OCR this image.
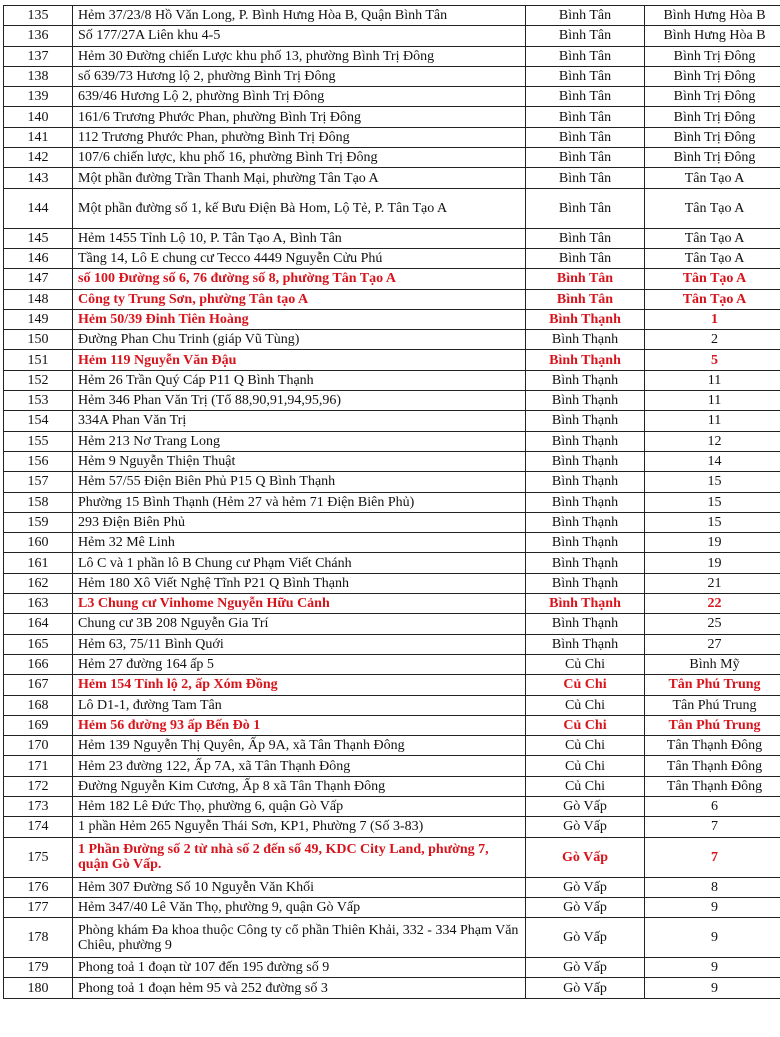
135	Hẻm 37/23/8 Hồ Văn Long, P. Bình Hưng Hòa B, Quận Bình Tân	Bình Tân	Bình Hưng Hòa B
136	Số 177/27A Liên khu 4-5	Bình Tân	Bình Hưng Hòa B
137	Hẻm 30 Đường chiến Lược khu phố 13, phường Bình Trị Đông	Bình Tân	Bình Trị Đông
138	số 639/73 Hương lộ 2, phường Bình Trị Đông	Bình Tân	Bình Trị Đông
139	639/46 Hương Lộ 2, phường Bình Trị Đông	Bình Tân	Bình Trị Đông
140	161/6 Trương Phước Phan, phường Bình Trị Đông	Bình Tân	Bình Trị Đông
141	112 Trương Phước Phan, phường Bình Trị Đông	Bình Tân	Bình Trị Đông
142	107/6 chiến lược, khu phố 16, phường Bình Trị Đông	Bình Tân	Bình Trị Đông
143	Một phần đường Trần Thanh Mại, phường Tân Tạo A	Bình Tân	Tân Tạo A
144	Một phần đường số 1, kế Bưu Điện Bà Hom, Lộ Tẻ, P. Tân Tạo A	Bình Tân	Tân Tạo A
145	Hẻm 1455 Tỉnh Lộ 10, P. Tân Tạo A, Bình Tân	Bình Tân	Tân Tạo A
146	Tầng 14, Lô E chung cư Tecco 4449 Nguyễn Cửu Phú	Bình Tân	Tân Tạo A
147	số 100 Đường số 6, 76 đường số 8, phường Tân Tạo A	Bình Tân	Tân Tạo A
148	Công ty Trung Sơn, phường Tân tạo A	Bình Tân	Tân Tạo A
149	Hẻm 50/39 Đinh Tiên Hoàng	Bình Thạnh	1
150	Đường Phan Chu Trinh (giáp Vũ Tùng)	Bình Thạnh	2
151	Hẻm 119 Nguyễn Văn Đậu	Bình Thạnh	5
152	Hẻm 26 Trần Quý Cáp P11 Q Bình Thạnh	Bình Thạnh	11
153	Hẻm 346 Phan Văn Trị (Tổ 88,90,91,94,95,96)	Bình Thạnh	11
154	334A Phan Văn Trị	Bình Thạnh	11
155	Hẻm 213 Nơ Trang Long	Bình Thạnh	12
156	Hẻm 9 Nguyễn Thiện Thuật	Bình Thạnh	14
157	Hẻm 57/55 Điện Biên Phủ P15 Q Bình Thạnh	Bình Thạnh	15
158	Phường 15 Bình Thạnh (Hẻm 27 và hẻm 71 Điện Biên Phủ)	Bình Thạnh	15
159	293 Điện Biên Phủ	Bình Thạnh	15
160	Hẻm 32 Mê Linh	Bình Thạnh	19
161	Lô C và 1 phần lô B Chung cư Phạm Viết Chánh	Bình Thạnh	19
162	Hẻm 180 Xô Viết Nghệ Tĩnh P21 Q Bình Thạnh	Bình Thạnh	21
163	L3 Chung cư Vinhome Nguyễn Hữu Cảnh	Bình Thạnh	22
164	Chung cư 3B 208 Nguyễn Gia Trí	Bình Thạnh	25
165	Hẻm 63, 75/11 Bình Quới	Bình Thạnh	27
166	Hẻm 27 đường 164 ấp 5	Củ Chi	Bình Mỹ
167	Hẻm 154 Tỉnh lộ 2, ấp Xóm Đồng	Củ Chi	Tân Phú Trung
168	Lô D1-1, đường Tam Tân	Củ Chi	Tân Phú Trung
169	Hẻm 56 đường 93 ấp Bến Đò 1	Củ Chi	Tân Phú Trung
170	Hẻm 139 Nguyễn Thị Quyên, Ấp 9A, xã Tân Thạnh Đông	Củ Chi	Tân Thạnh Đông
171	Hẻm 23 đường 122, Ấp 7A, xã Tân Thạnh Đông	Củ Chi	Tân Thạnh Đông
172	Đường Nguyễn Kim Cương, Ấp 8 xã Tân Thạnh Đông	Củ Chi	Tân Thạnh Đông
173	Hẻm 182 Lê Đức Thọ, phường 6, quận Gò Vấp	Gò Vấp	6
174	1 phần Hẻm 265 Nguyễn Thái Sơn, KP1, Phường 7 (Số 3-83)	Gò Vấp	7
175	1 Phần Đường số 2 từ nhà số 2 đến số 49, KDC City Land, phường 7, quận Gò Vấp.	Gò Vấp	7
176	Hẻm 307 Đường Số 10 Nguyễn Văn Khối	Gò Vấp	8
177	Hẻm 347/40 Lê Văn Thọ, phường 9, quận Gò Vấp	Gò Vấp	9
178	Phòng khám Đa khoa thuộc Công ty cổ phần Thiên Khải, 332 - 334 Phạm Văn Chiêu, phường 9	Gò Vấp	9
179	Phong toả 1 đoạn từ 107 đến 195 đường số 9	Gò Vấp	9
180	Phong toả 1 đoạn hẻm 95 và 252 đường số 3	Gò Vấp	9
